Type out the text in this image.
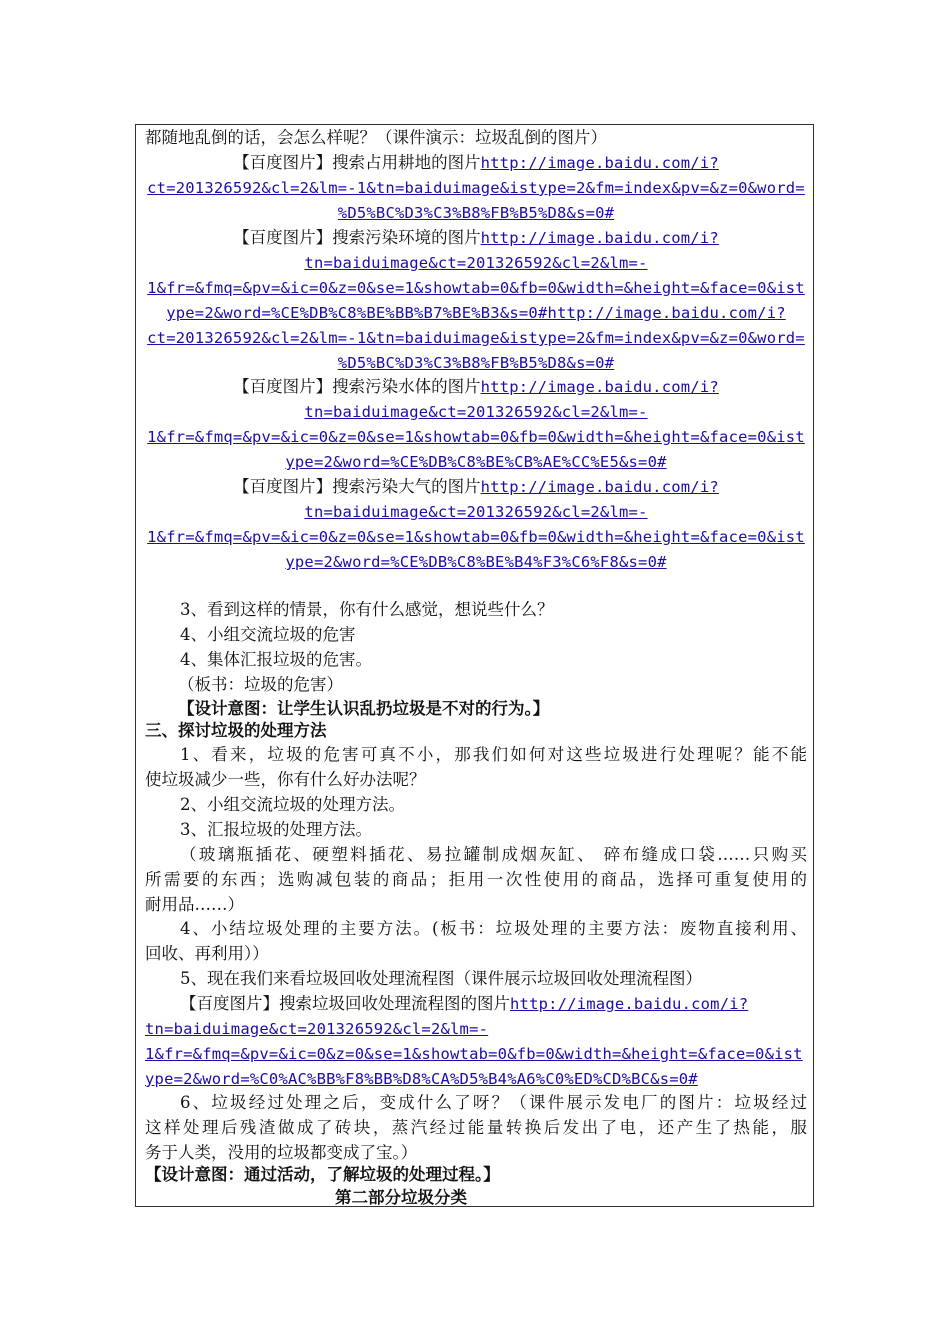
都随地乱倒的话，会怎么样呢？（课件演示：垃圾乱倒的图片）
【百度图片】搜索占用耕地的图片http://image.baidu.com/i?
ct=201326592&cl=2&lm=-1&tn=baiduimage&istype=2&fm=index&pv=&z=0&word=
%D5%BC%D3%C3%B8%FB%B5%D8&s=0#
【百度图片】搜索污染环境的图片http://image.baidu.com/i?
tn=baiduimage&ct=201326592&cl=2&lm=-
1&fr=&fmq=&pv=&ic=0&z=0&se=1&showtab=0&fb=0&width=&height=&face=0&ist
ype=2&word=%CE%DB%C8%BE%BB%B7%BE%B3&s=0#http://image.baidu.com/i?
ct=201326592&cl=2&lm=-1&tn=baiduimage&istype=2&fm=index&pv=&z=0&word=
%D5%BC%D3%C3%B8%FB%B5%D8&s=0#
【百度图片】搜索污染水体的图片http://image.baidu.com/i?
tn=baiduimage&ct=201326592&cl=2&lm=-
1&fr=&fmq=&pv=&ic=0&z=0&se=1&showtab=0&fb=0&width=&height=&face=0&ist
ype=2&word=%CE%DB%C8%BE%CB%AE%CC%E5&s=0#
【百度图片】搜索污染大气的图片http://image.baidu.com/i?
tn=baiduimage&ct=201326592&cl=2&lm=-
1&fr=&fmq=&pv=&ic=0&z=0&se=1&showtab=0&fb=0&width=&height=&face=0&ist
ype=2&word=%CE%DB%C8%BE%B4%F3%C6%F8&s=0#
3、看到这样的情景，你有什么感觉，想说些什么？
4、小组交流垃圾的危害
4、集体汇报垃圾的危害。
（板书：垃圾的危害）
【设计意图：让学生认识乱扔垃圾是不对的行为。】
三、探讨垃圾的处理方法
1、看来，垃圾的危害可真不小，那我们如何对这些垃圾进行处理呢？能不能
使垃圾减少一些，你有什么好办法呢？
2、小组交流垃圾的处理方法。
3、汇报垃圾的处理方法。
（玻璃瓶插花、硬塑料插花、易拉罐制成烟灰缸、 碎布缝成口袋……只购买
所需要的东西；选购减包装的商品；拒用一次性使用的商品，选择可重复使用的
耐用品……）
4、小结垃圾处理的主要方法。(板书：垃圾处理的主要方法：废物直接利用、
回收、再利用））
5、现在我们来看垃圾回收处理流程图（课件展示垃圾回收处理流程图）
【百度图片】搜索垃圾回收处理流程图的图片http://image.baidu.com/i?
tn=baiduimage&ct=201326592&cl=2&lm=-
1&fr=&fmq=&pv=&ic=0&z=0&se=1&showtab=0&fb=0&width=&height=&face=0&ist
ype=2&word=%C0%AC%BB%F8%BB%D8%CA%D5%B4%A6%C0%ED%CD%BC&s=0#
6、垃圾经过处理之后，变成什么了呀？（课件展示发电厂的图片：垃圾经过
这样处理后残渣做成了砖块，蒸汽经过能量转换后发出了电，还产生了热能，服
务于人类，没用的垃圾都变成了宝。）
【设计意图：通过活动，了解垃圾的处理过程。】
第二部分垃圾分类
